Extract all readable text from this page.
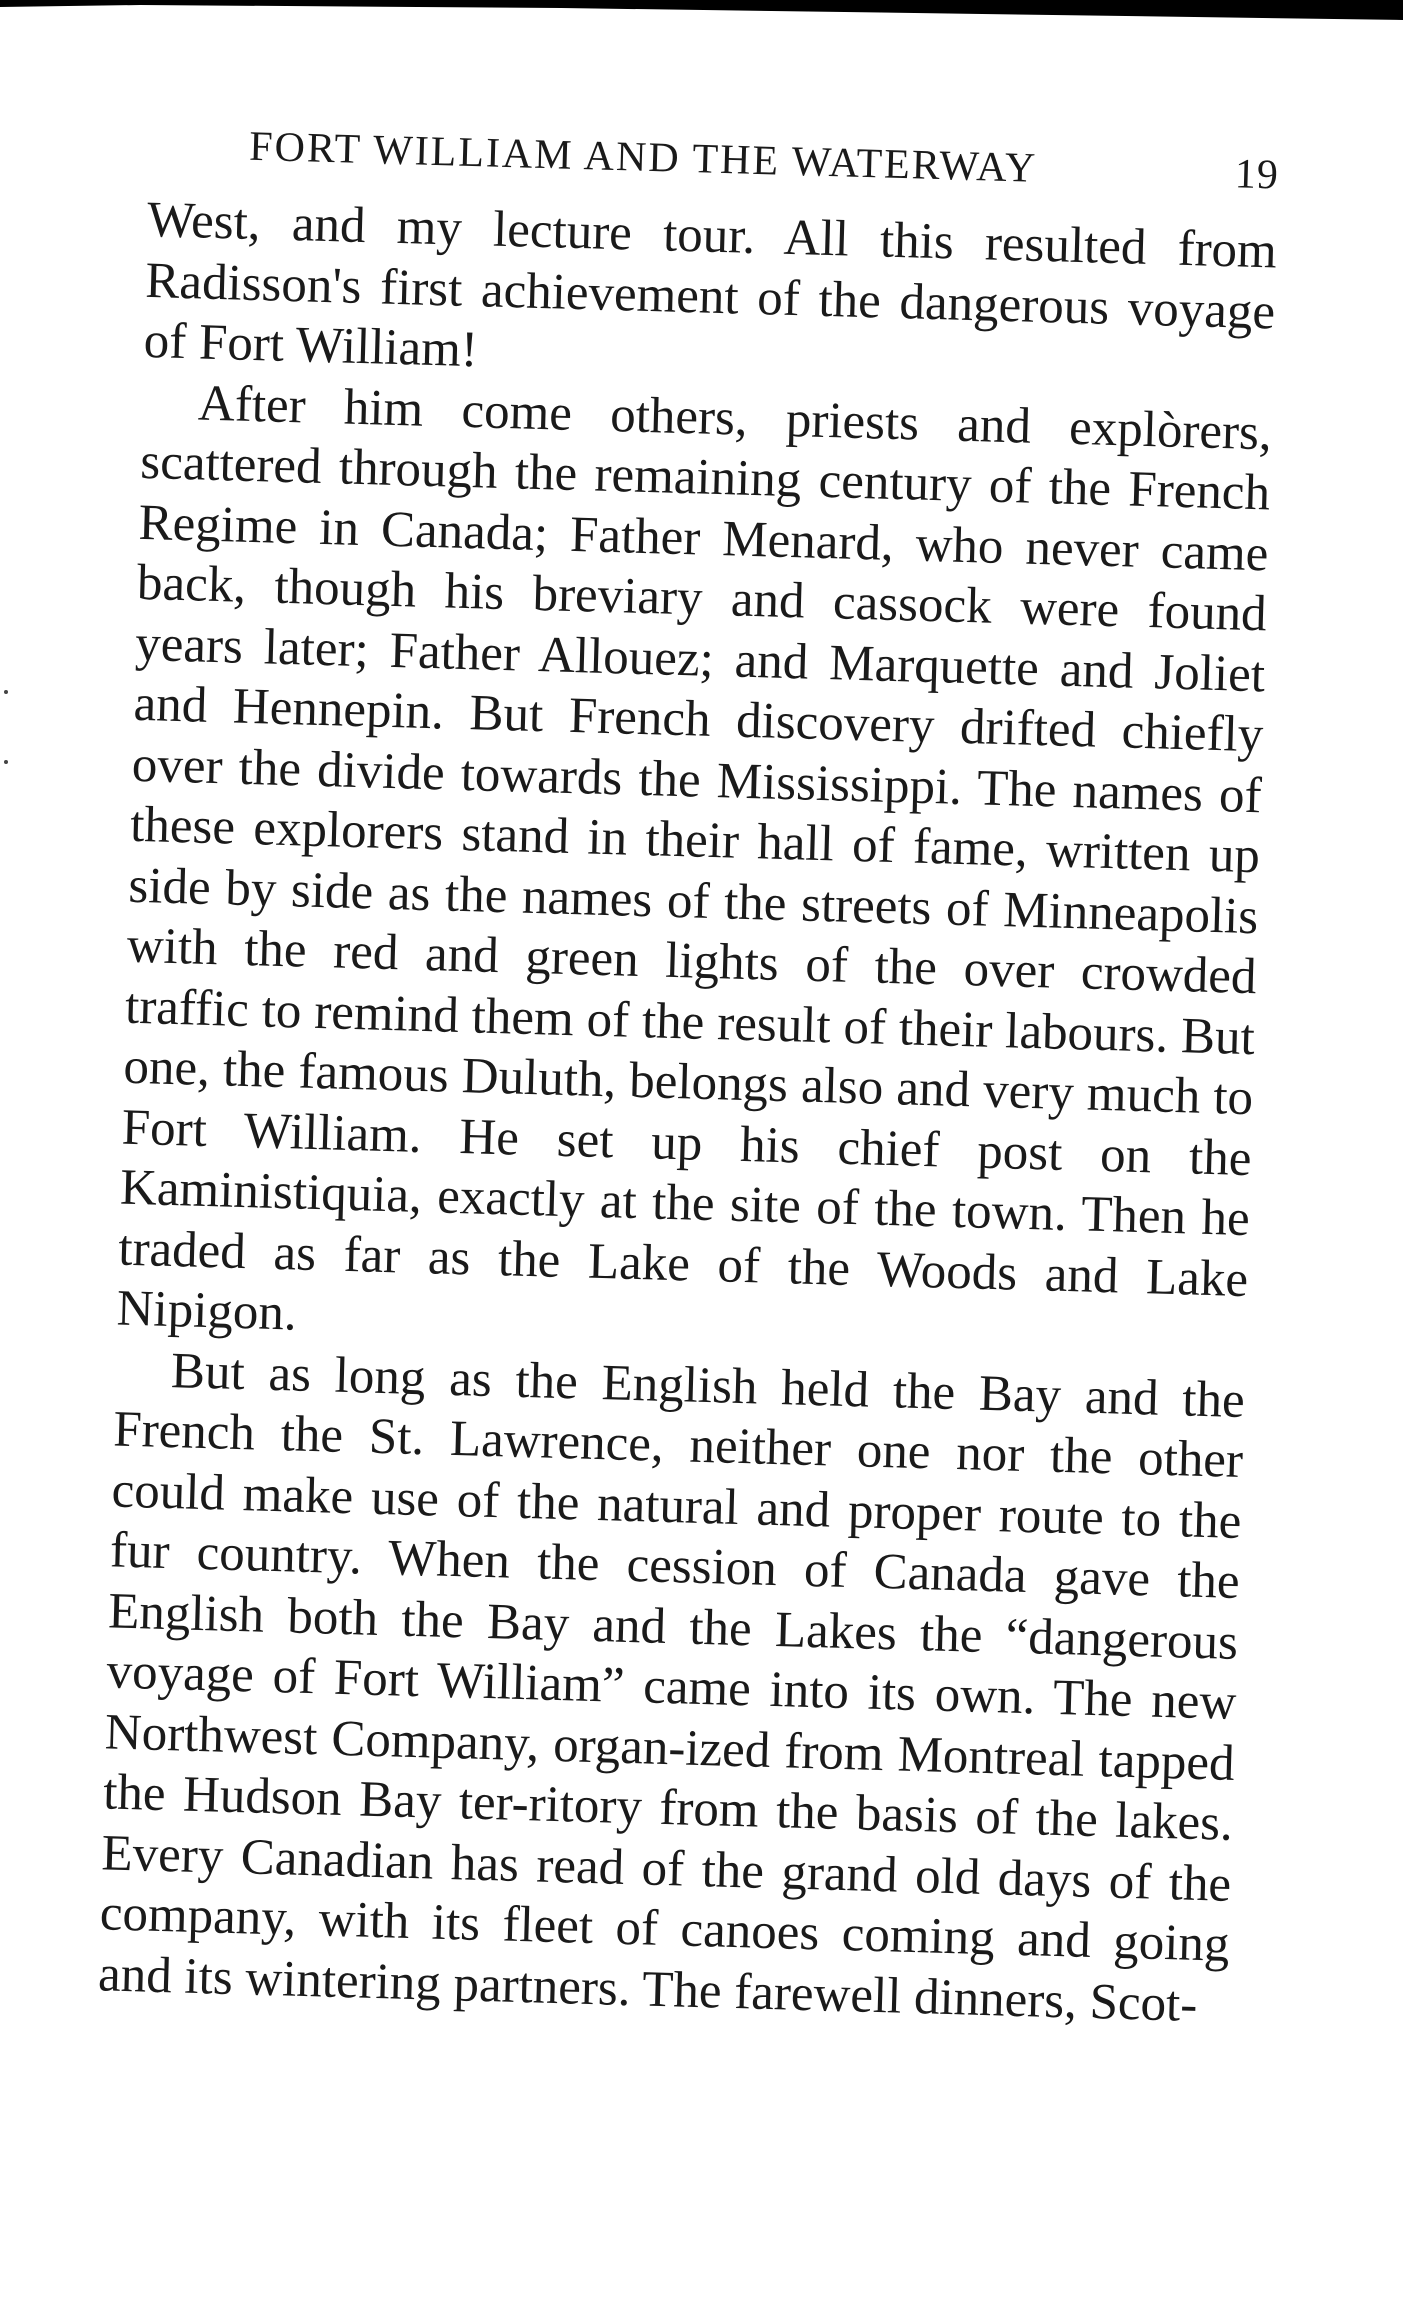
FORT WILLIAM AND THE WATERWAY	19

West, and my lecture tour. All this resulted from Radisson's first achievement of the dangerous voyage of Fort William!

After him come others, priests and explòrers, scattered through the remaining century of the French Regime in Canada; Father Menard, who never came back, though his breviary and cassock were found years later; Father Allouez; and Marquette and Joliet and Hennepin. But French discovery drifted chiefly over the divide towards the Mississippi. The names of these explorers stand in their hall of fame, written up side by side as the names of the streets of Minneapolis with the red and green lights of the over crowded traffic to remind them of the result of their labours. But one, the famous Duluth, belongs also and very much to Fort William. He set up his chief post on the Kaministiquia, exactly at the site of the town. Then he traded as far as the Lake of the Woods and Lake Nipigon.

But as long as the English held the Bay and the French the St. Lawrence, neither one nor the other could make use of the natural and proper route to the fur country. When the cession of Canada gave the English both the Bay and the Lakes the “dangerous voyage of Fort William” came into its own. The new Northwest Company, organ-ized from Montreal tapped the Hudson Bay ter-ritory from the basis of the lakes. Every Canadian has read of the grand old days of the company, with its fleet of canoes coming and going and its wintering partners. The farewell dinners, Scot-
